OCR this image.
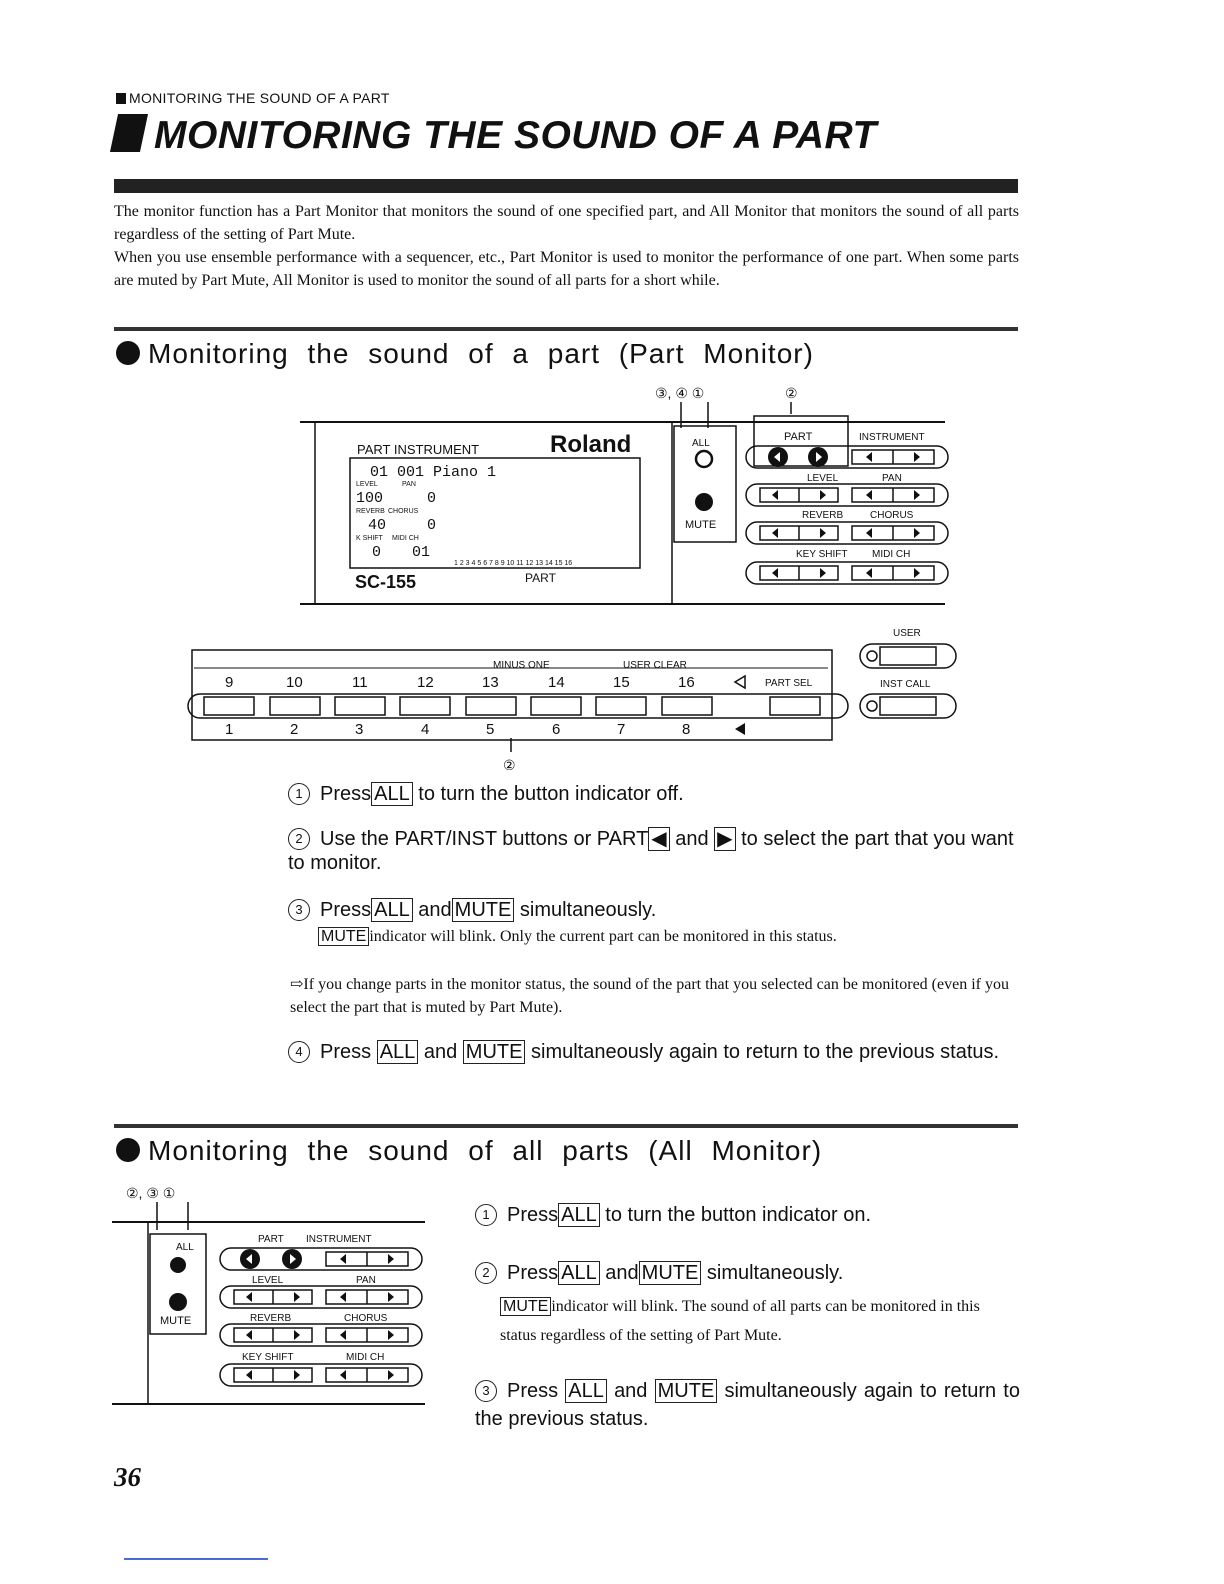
MONITORING THE SOUND OF A PART
MONITORING THE SOUND OF A PART

The monitor function has a Part Monitor that monitors the sound of one specified part, and All Monitor that monitors the sound of all parts regardless of the setting of Part Mute.

When you use ensemble performance with a sequencer, etc., Part Monitor is used to monitor the performance of one part. When some parts are muted by Part Mute, All Monitor is used to monitor the sound of all parts for a short while.

Monitoring the sound of a part (Part Monitor)
③, ④ ①	②
PART INSTRUMENT	Roland
01 001 Piano 1
LEVEL	PAN
100	0
REVERB CHORUS
40	0
K SHIFT MIDI CH
0 01
1 2 3 4 5 6 7 8 9 10 11 12 13 14 15 16
SC-155	PART
ALL
MUTE
PART	INSTRUMENT
LEVEL	PAN
REVERB	CHORUS
KEY SHIFT MIDI CH
MINUS ONE	USER CLEAR
9	10	11	12	13	14	15	16
1	2	3	4	5	6	7	8
PART SEL
USER
INST CALL
②
1 Press ALL to turn the button indicator off.
2 Use the PART/INST buttons or PART ◀ and ▶ to select the part that you want to monitor.
3 Press ALL and MUTE simultaneously.
MUTE indicator will blink. Only the current part can be monitored in this status.
⇨If you change parts in the monitor status, the sound of the part that you selected can be monitored (even if you select the part that is muted by Part Mute).
4 Press ALL and MUTE simultaneously again to return to the previous status.
Monitoring the sound of all parts (All Monitor)
②, ③ ①
ALL
MUTE
PART INSTRUMENT
LEVEL	PAN
REVERB	CHORUS
KEY SHIFT	MIDI CH
1 Press ALL to turn the button indicator on.
2 Press ALL and MUTE simultaneously.
MUTE indicator will blink. The sound of all parts can be monitored in this status regardless of the setting of Part Mute.
3 Press ALL and MUTE simultaneously again to return to the previous status.
36
